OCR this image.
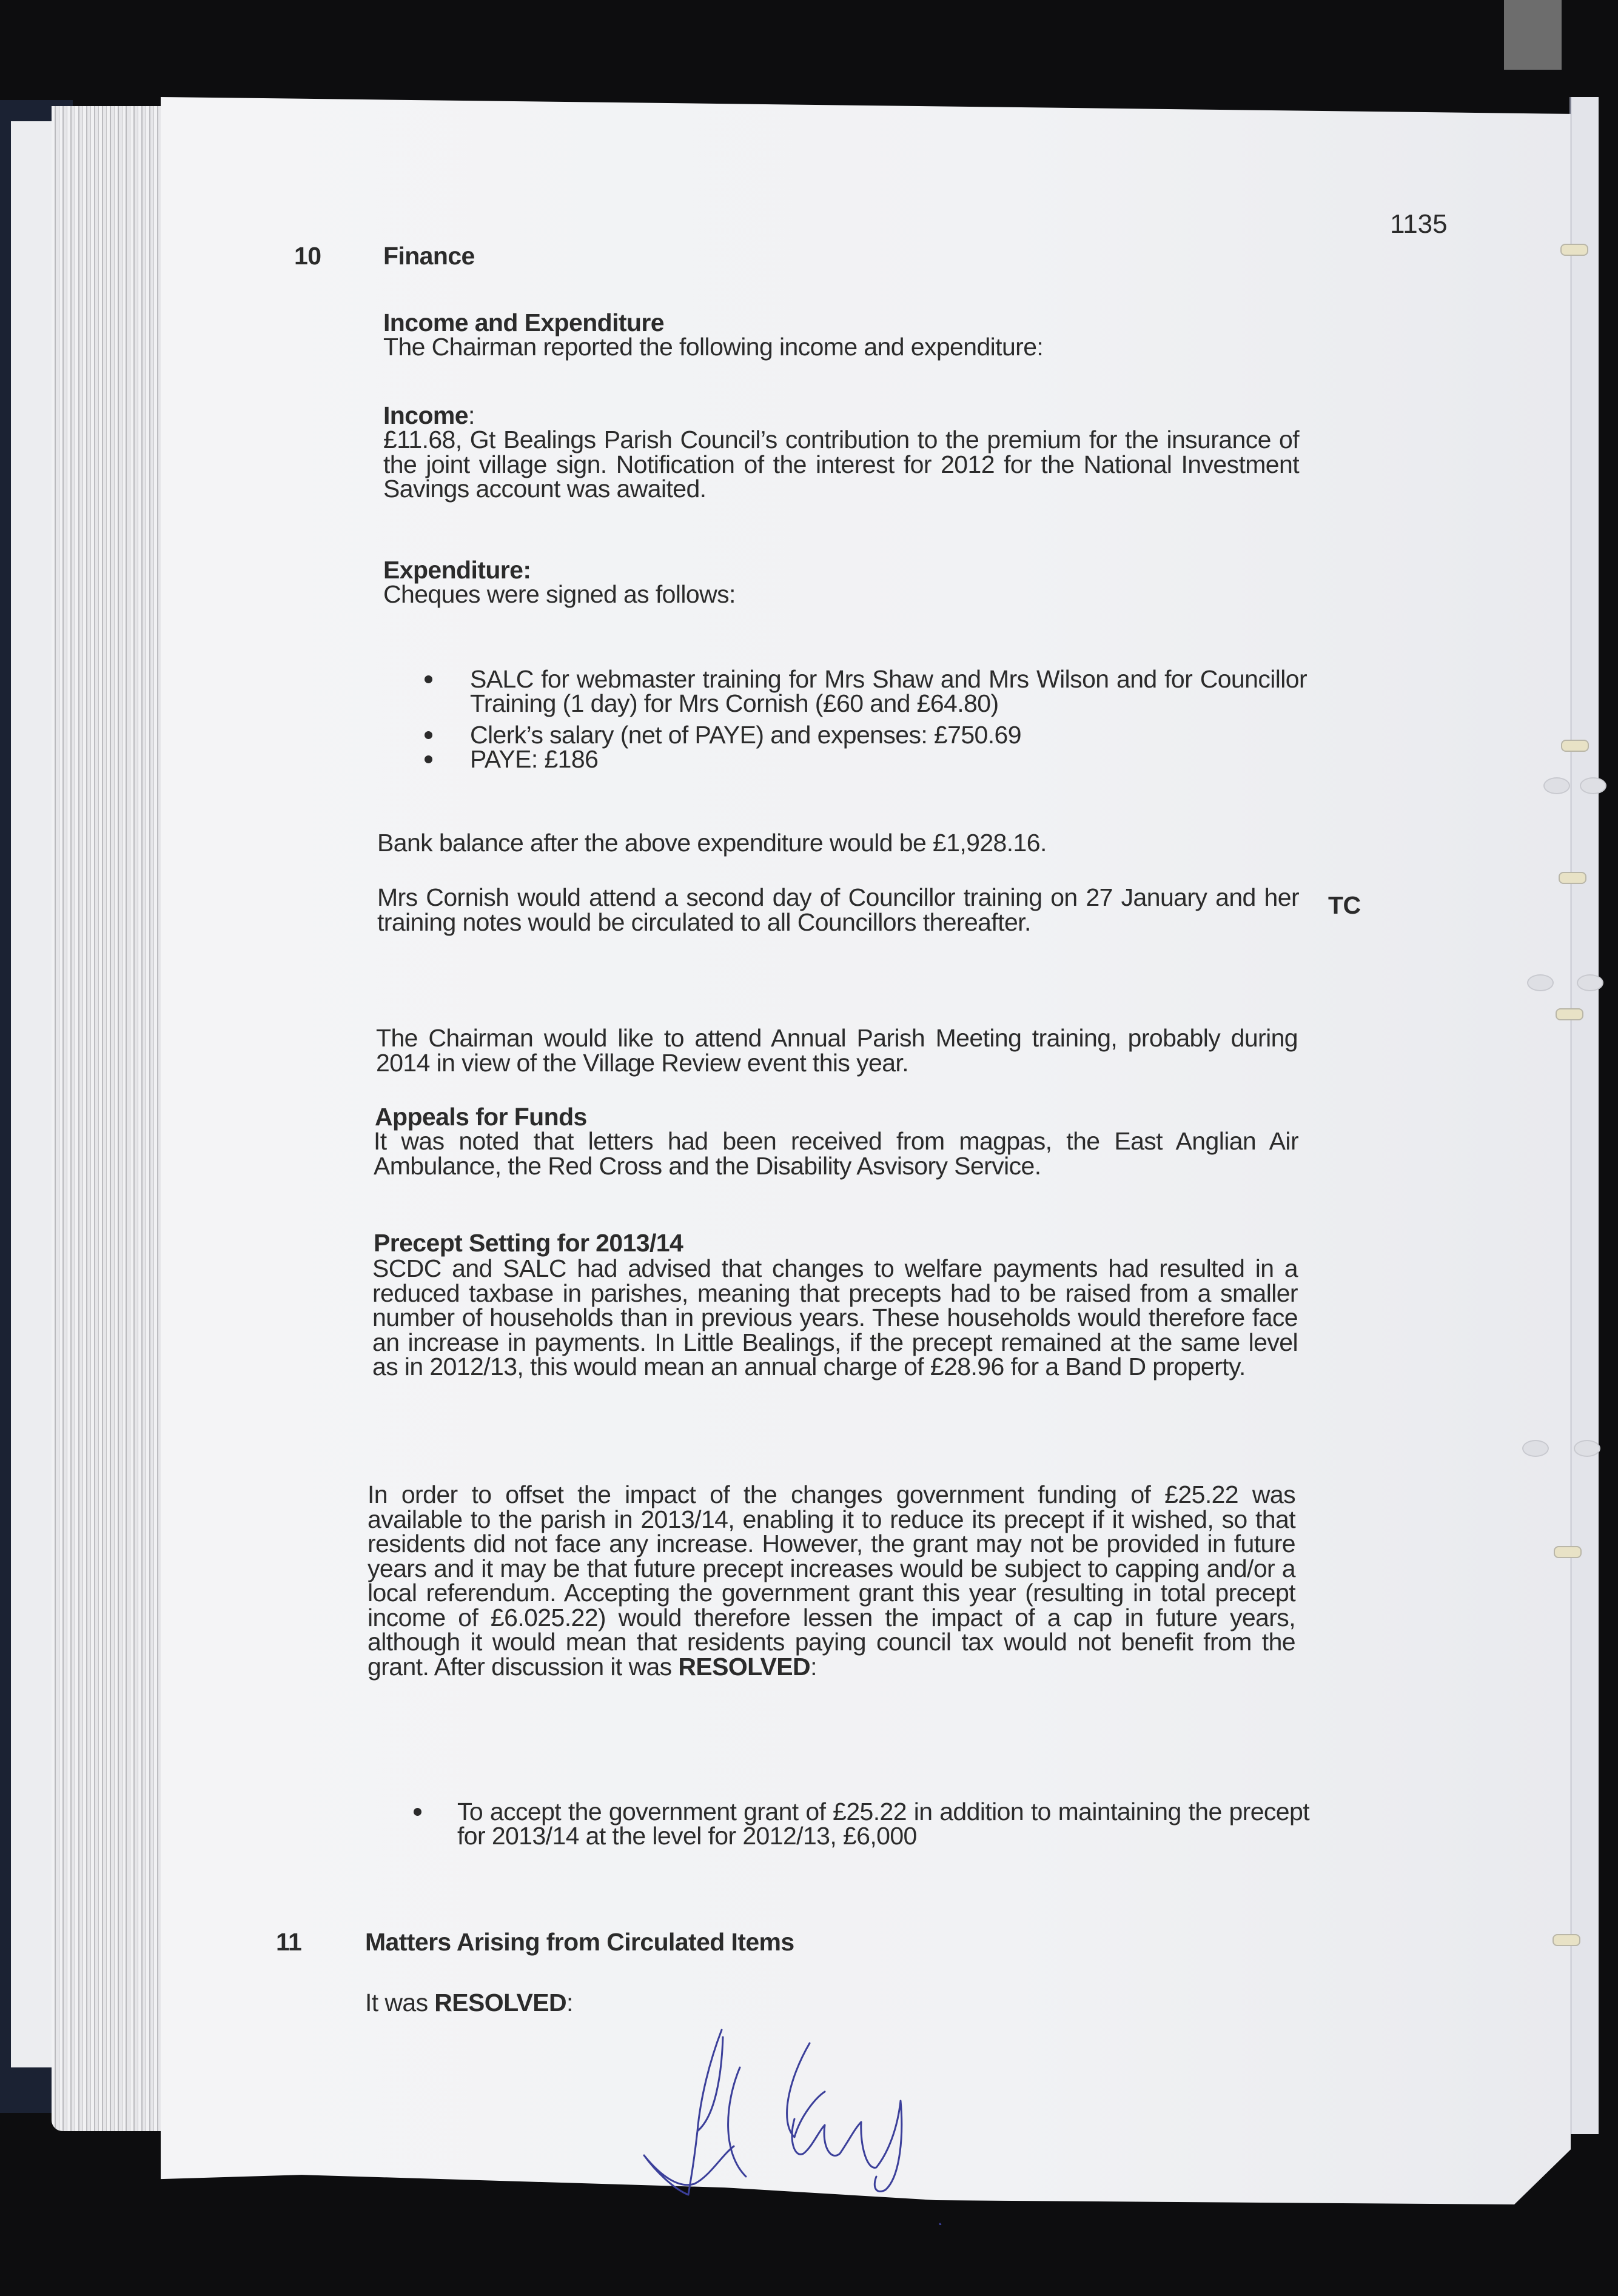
1135
10	Finance
Income and Expenditure
The Chairman reported the following income and expenditure:
Income:
£11.68, Gt Bealings Parish Council’s contribution to the premium for the insurance of the joint village sign. Notification of the interest for 2012 for the National Investment Savings account was awaited.
Expenditure:
Cheques were signed as follows:
SALC for webmaster training for Mrs Shaw and Mrs Wilson and for Councillor Training (1 day) for Mrs Cornish (£60 and £64.80)
Clerk’s salary (net of PAYE) and expenses: £750.69
PAYE: £186
Bank balance after the above expenditure would be £1,928.16.
Mrs Cornish would attend a second day of Councillor training on 27 January and her training notes would be circulated to all Councillors thereafter.
TC
The Chairman would like to attend Annual Parish Meeting training, probably during 2014 in view of the Village Review event this year.
Appeals for Funds
It was noted that letters had been received from magpas, the East Anglian Air Ambulance, the Red Cross and the Disability Asvisory Service.
Precept Setting for 2013/14
SCDC and SALC had advised that changes to welfare payments had resulted in a reduced taxbase in parishes, meaning that precepts had to be raised from a smaller number of households than in previous years. These households would therefore face an increase in payments. In Little Bealings, if the precept remained at the same level as in 2012/13, this would mean an annual charge of £28.96 for a Band D property.
In order to offset the impact of the changes government funding of £25.22 was available to the parish in 2013/14, enabling it to reduce its precept if it wished, so that residents did not face any increase. However, the grant may not be provided in future years and it may be that future precept increases would be subject to capping and/or a local referendum. Accepting the government grant this year (resulting in total precept income of £6.025.22) would therefore lessen the impact of a cap in future years, although it would mean that residents paying council tax would not benefit from the grant. After discussion it was RESOLVED:
To accept the government grant of £25.22 in addition to maintaining the precept for 2013/14 at the level for 2012/13, £6,000
11	Matters Arising from Circulated Items
It was RESOLVED:
